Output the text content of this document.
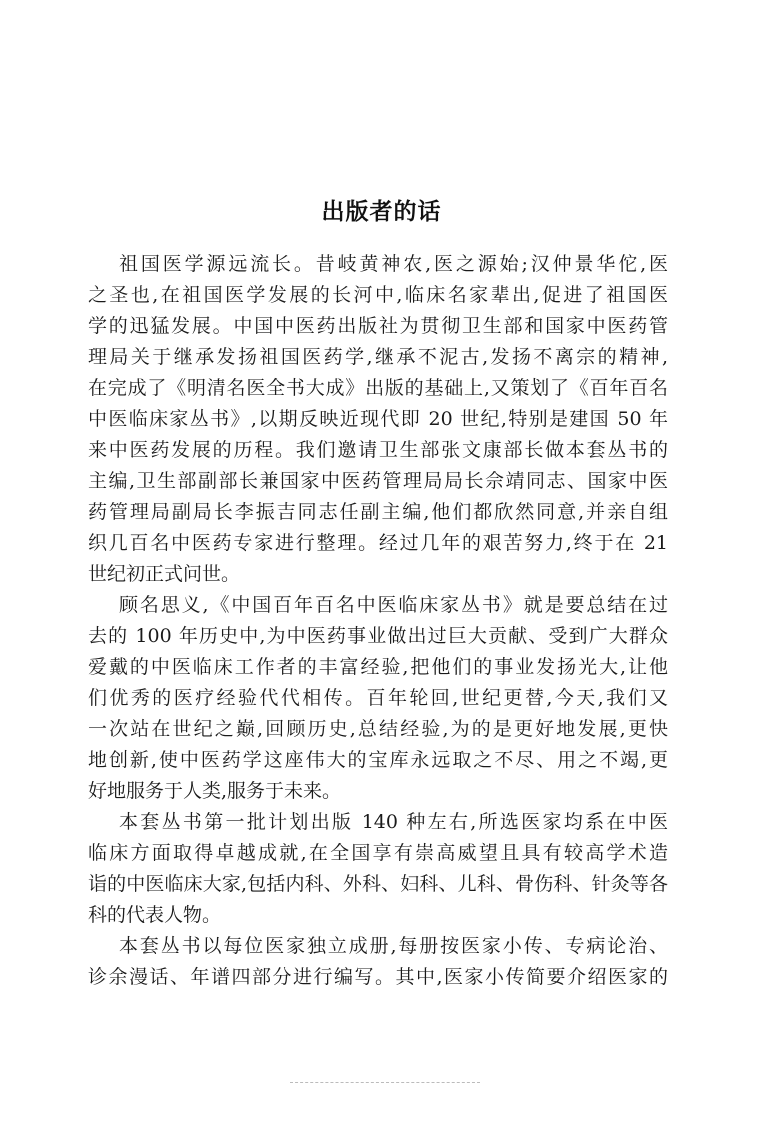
出版者的话
祖国医学源远流长。昔岐黄神农,医之源始;汉仲景华佗,医
之圣也,在祖国医学发展的长河中,临床名家辈出,促进了祖国医
学的迅猛发展。中国中医药出版社为贯彻卫生部和国家中医药管
理局关于继承发扬祖国医药学,继承不泥古,发扬不离宗的精神,
在完成了《明清名医全书大成》出版的基础上,又策划了《百年百名
中医临床家丛书》,以期反映近现代即 20 世纪,特别是建国 50 年
来中医药发展的历程。我们邀请卫生部张文康部长做本套丛书的
主编,卫生部副部长兼国家中医药管理局局长佘靖同志、国家中医
药管理局副局长李振吉同志任副主编,他们都欣然同意,并亲自组
织几百名中医药专家进行整理。经过几年的艰苦努力,终于在 21
世纪初正式问世。
顾名思义,《中国百年百名中医临床家丛书》就是要总结在过
去的 100 年历史中,为中医药事业做出过巨大贡献、受到广大群众
爱戴的中医临床工作者的丰富经验,把他们的事业发扬光大,让他
们优秀的医疗经验代代相传。百年轮回,世纪更替,今天,我们又
一次站在世纪之巅,回顾历史,总结经验,为的是更好地发展,更快
地创新,使中医药学这座伟大的宝库永远取之不尽、用之不竭,更
好地服务于人类,服务于未来。
本套丛书第一批计划出版 140 种左右,所选医家均系在中医
临床方面取得卓越成就,在全国享有崇高威望且具有较高学术造
诣的中医临床大家,包括内科、外科、妇科、儿科、骨伤科、针灸等各
科的代表人物。
本套丛书以每位医家独立成册,每册按医家小传、专病论治、
诊余漫话、年谱四部分进行编写。其中,医家小传简要介绍医家的
